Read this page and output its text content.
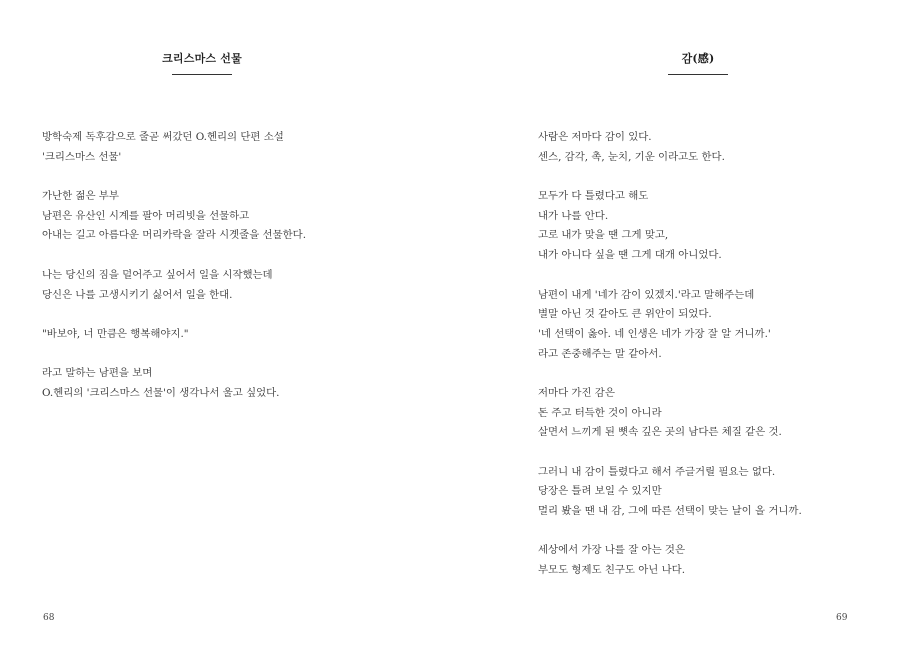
크리스마스 선물
방학숙제 독후감으로 줄곧 써갔던 O.헨리의 단편 소설
'크리스마스 선물'
가난한 젊은 부부
남편은 유산인 시계를 팔아 머리빗을 선물하고
아내는 길고 아름다운 머리카락을 잘라 시곗줄을 선물한다.
나는 당신의 짐을 덜어주고 싶어서 일을 시작했는데
당신은 나를 고생시키기 싫어서 일을 한대.
"바보야, 너 만큼은 행복해야지."
라고 말하는 남편을 보며
O.헨리의 '크리스마스 선물'이 생각나서 울고 싶었다.
68
감(感)
사람은 저마다 감이 있다.
센스, 감각, 촉, 눈치, 기운 이라고도 한다.
모두가 다 틀렸다고 해도
내가 나를 안다.
고로 내가 맞을 땐 그게 맞고,
내가 아니다 싶을 땐 그게 대개 아니었다.
남편이 내게 '네가 감이 있겠지.'라고 말해주는데
별말 아닌 것 같아도 큰 위안이 되었다.
'네 선택이 옳아. 네 인생은 네가 가장 잘 알 거니까.'
라고 존중해주는 말 같아서.
저마다 가진 감은
돈 주고 터득한 것이 아니라
살면서 느끼게 된 뼛속 깊은 곳의 남다른 체질 같은 것.
그러니 내 감이 틀렸다고 해서 주글거릴 필요는 없다.
당장은 틀려 보일 수 있지만
멀리 봤을 땐 내 감, 그에 따른 선택이 맞는 날이 올 거니까.
세상에서 가장 나를 잘 아는 것은
부모도 형제도 친구도 아닌 나다.
69
